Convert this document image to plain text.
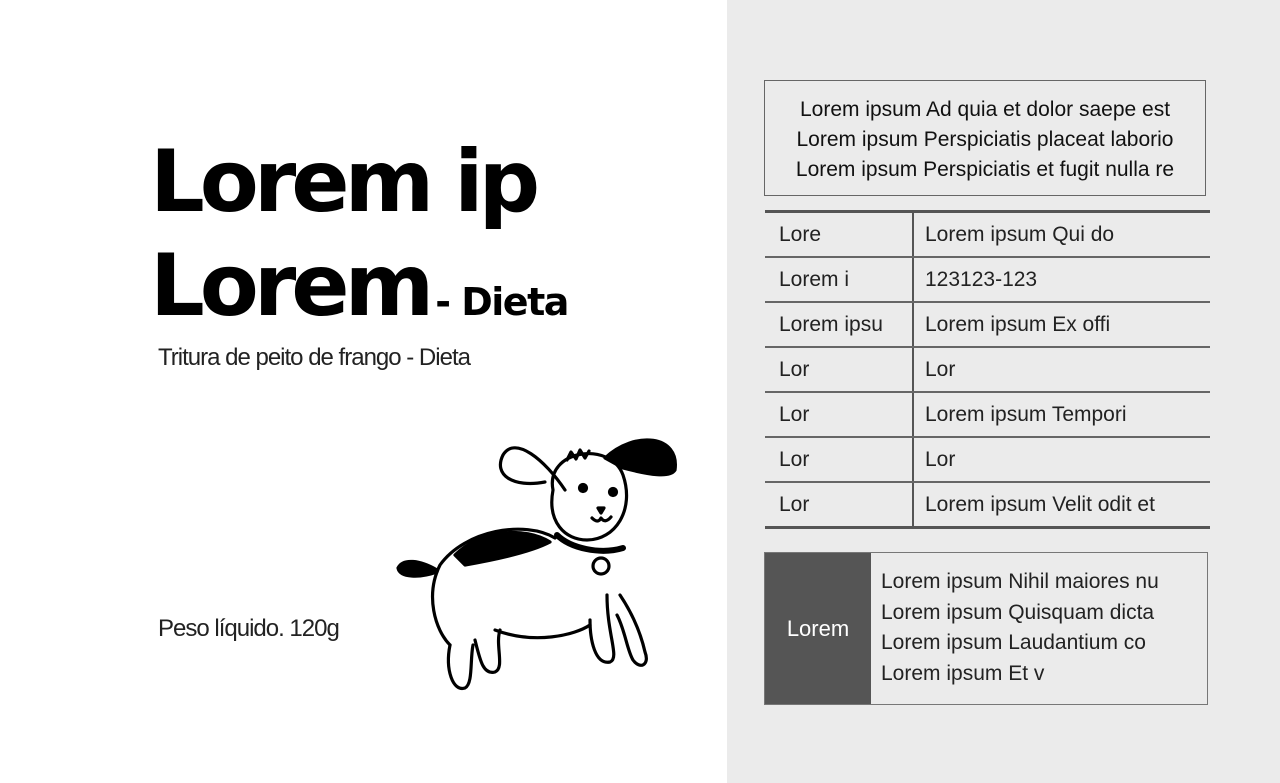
Lorem ip
Lorem - Dieta
Tritura de peito de frango - Dieta
Peso líquido. 120g
Lorem ipsum Ad quia et dolor saepe est
Lorem ipsum Perspiciatis placeat laborio
Lorem ipsum Perspiciatis et fugit nulla re
Lore	Lorem ipsum Qui do
Lorem i	123123-123
Lorem ipsu	Lorem ipsum Ex offi
Lor	Lor
Lor	Lorem ipsum Tempori
Lor	Lor
Lor	Lorem ipsum Velit odit et
Lorem
Lorem ipsum Nihil maiores nu
Lorem ipsum Quisquam dicta
Lorem ipsum Laudantium co
Lorem ipsum Et v
